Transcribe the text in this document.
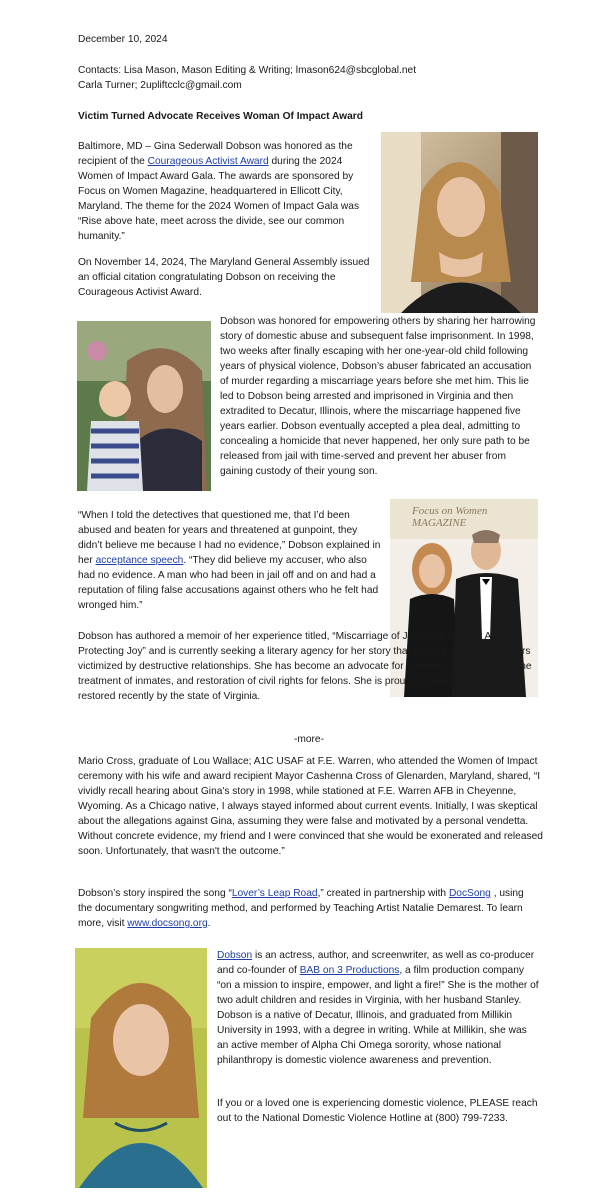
December 10, 2024

Contacts: Lisa Mason, Mason Editing & Writing; lmason624@sbcglobal.net

Carla Turner; 2upliftcclc@gmail.com

Victim Turned Advocate Receives Woman Of Impact Award

Baltimore, MD – Gina Sederwall Dobson was honored as the recipient of the Courageous Activist Award during the 2024 Women of Impact Award Gala. The awards are sponsored by Focus on Women Magazine, headquartered in Ellicott City, Maryland. The theme for the 2024 Women of Impact Gala was “Rise above hate, meet across the divide, see our common humanity.”

On November 14, 2024, The Maryland General Assembly issued an official citation congratulating Dobson on receiving the Courageous Activist Award.

Dobson was honored for empowering others by sharing her harrowing story of domestic abuse and subsequent false imprisonment. In 1998, two weeks after finally escaping with her one-year-old child following years of physical violence, Dobson’s abuser fabricated an accusation of murder regarding a miscarriage years before she met him. This lie led to Dobson being arrested and imprisoned in Virginia and then extradited to Decatur, Illinois, where the miscarriage happened five years earlier. Dobson eventually accepted a plea deal, admitting to concealing a homicide that never happened, her only sure path to be released from jail with time-served and prevent her abuser from gaining custody of their young son.

“When I told the detectives that questioned me, that I’d been abused and beaten for years and threatened at gunpoint, they didn’t believe me because I had no evidence,” Dobson explained in her acceptance speech. “They did believe my accuser, who also had no evidence. A man who had been in jail off and on and had a reputation of filing false accusations against others who he felt had wronged him.”

Focus on Women MAGAZINE

Dobson has authored a memoir of her experience titled, “Miscarriage of Justice: A Memoir About Protecting Joy” and is currently seeking a literary agency for her story that she hopes will help others victimized by destructive relationships. She has become an advocate for survivors of abuse, humane treatment of inmates, and restoration of civil rights for felons. She is proud to have her voting rights restored recently by the state of Virginia.

-more-

Mario Cross, graduate of Lou Wallace; A1C USAF at F.E. Warren, who attended the Women of Impact ceremony with his wife and award recipient Mayor Cashenna Cross of Glenarden, Maryland, shared, “I vividly recall hearing about Gina's story in 1998, while stationed at F.E. Warren AFB in Cheyenne, Wyoming. As a Chicago native, I always stayed informed about current events. Initially, I was skeptical about the allegations against Gina, assuming they were false and motivated by a personal vendetta. Without concrete evidence, my friend and I were convinced that she would be exonerated and released soon. Unfortunately, that wasn't the outcome.”

Dobson’s story inspired the song “Lover’s Leap Road,” created in partnership with DocSong , using the documentary songwriting method, and performed by Teaching Artist Natalie Demarest. To learn more, visit www.docsong.org.

Dobson is an actress, author, and screenwriter, as well as co-producer and co-founder of BAB on 3 Productions, a film production company “on a mission to inspire, empower, and light a fire!” She is the mother of two adult children and resides in Virginia, with her husband Stanley. Dobson is a native of Decatur, Illinois, and graduated from Millikin University in 1993, with a degree in writing. While at Millikin, she was an active member of Alpha Chi Omega sorority, whose national philanthropy is domestic violence awareness and prevention.

If you or a loved one is experiencing domestic violence, PLEASE reach out to the National Domestic Violence Hotline at (800) 799-7233.
